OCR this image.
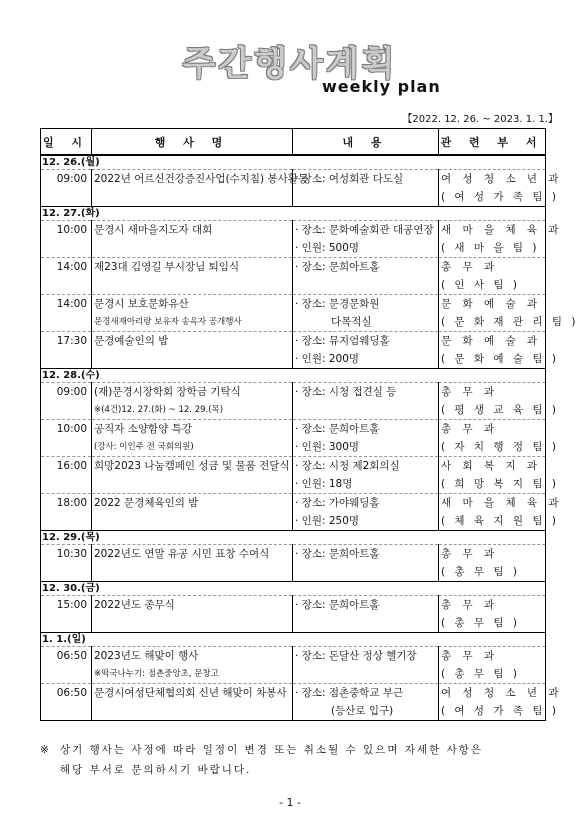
주간행사계획
weekly plan
【2022. 12. 26. ~ 2023. 1. 1.】
일 시	행 사 명	내 용	관 련 부 서
12. 26.(월)			
09:00	2022년 어르신건강증진사업(수지침) 봉사활동	· 장소: 여성회관 다도실	여 성 청 소 년 과
			( 여 성 가 족 팀 )
12. 27.(화)			
10:00	문경시 새마을지도자 대회	· 장소: 문화예술회관 대공연장	새 마 을 체 육 과
		· 인원: 500명	( 새 마 을 팀 )
14:00	제23대 김영길 부시장님 퇴임식	· 장소: 문희아트홀	총 무 과
			( 인 사 팀 )
14:00	문경시 보호문화유산	· 장소: 문경문화원	문 화 예 술 과
	문경새재아리랑 보유자 송옥자 공개행사	다목적실	( 문 화 재 관 리 팀 )
17:30	문경예술인의 밤	· 장소: 뮤지엄웨딩홀	문 화 예 술 과
		· 인원: 200명	( 문 화 예 술 팀 )
12. 28.(수)			
09:00	(재)문경시장학회 장학금 기탁식	· 장소: 시청 접견실 등	총 무 과
	※(4건)12. 27.(화) ~ 12. 29.(목)		( 평 생 교 육 팀 )
10:00	공직자 소양함양 특강	· 장소: 문희아트홀	총 무 과
	(강사: 이인주 전 국회의원)	· 인원: 300명	( 자 치 행 정 팀 )
16:00	희망2023 나눔캠페인 성금 및 물품 전달식	· 장소: 시청 제2회의실	사 회 복 지 과
		· 인원: 18명	( 희 망 복 지 팀 )
18:00	2022 문경체육인의 밤	· 장소: 가야웨딩홀	새 마 을 체 육 과
		· 인원: 250명	( 체 육 지 원 팀 )
12. 29.(목)			
10:30	2022년도 연말 유공 시민 표창 수여식	· 장소: 문희아트홀	총 무 과
			( 총 무 팀 )
12. 30.(금)			
15:00	2022년도 종무식	· 장소: 문희아트홀	총 무 과
			( 총 무 팀 )
1. 1.(일)			
06:50	2023년도 해맞이 행사	· 장소: 돈달산 정상 헬기장	총 무 과
	※떡국나누기: 점촌중앙초, 문창고		( 총 무 팀 )
06:50	문경시여성단체협의회 신년 해맞이 차봉사	· 장소: 점촌중학교 부근	여 성 청 소 년 과
		(등산로 입구)	( 여 성 가 족 팀 )
※ 상기 행사는 사정에 따라 일정이 변경 또는 취소될 수 있으며 자세한 사항은
해당 부서로 문의하시기 바랍니다.
- 1 -
